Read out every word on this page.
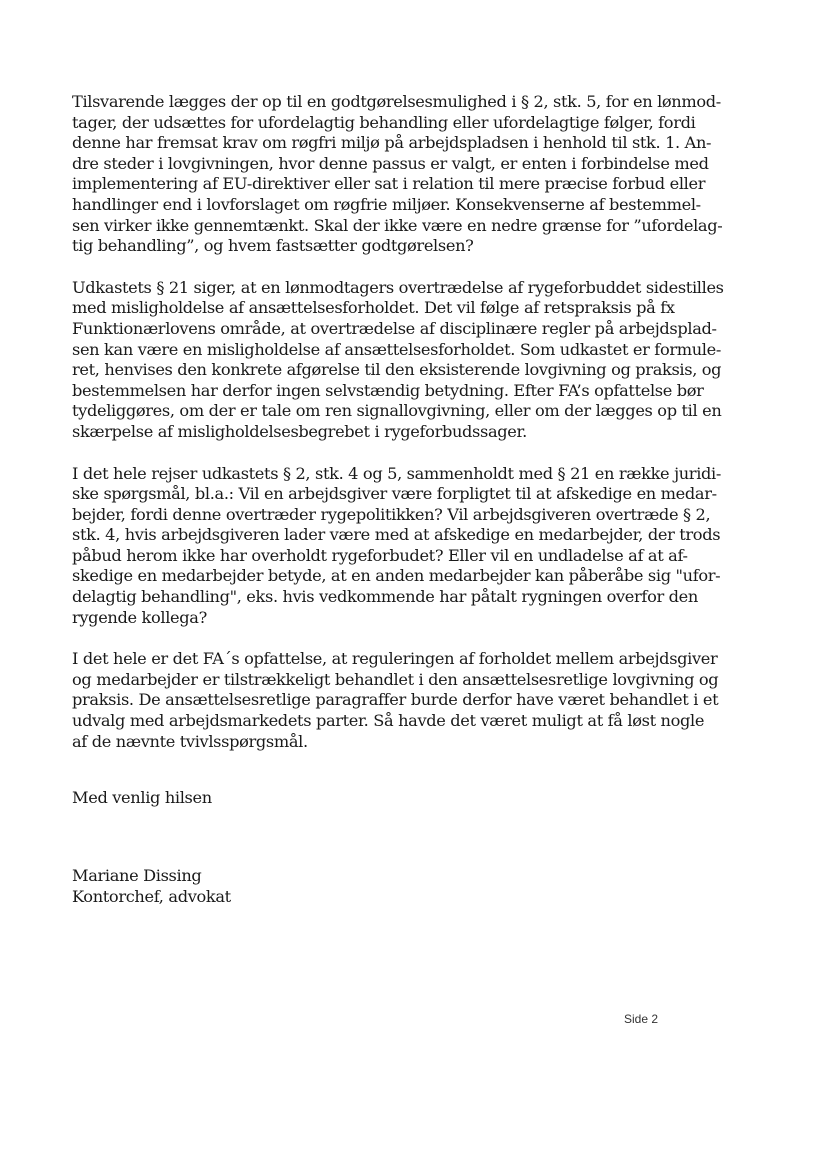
Tilsvarende lægges der op til en godtgørelsesmulighed i § 2, stk. 5, for en lønmod-
tager, der udsættes for ufordelagtig behandling eller ufordelagtige følger, fordi
denne har fremsat krav om røgfri miljø på arbejdspladsen i henhold til stk. 1. An-
dre steder i lovgivningen, hvor denne passus er valgt, er enten i forbindelse med
implementering af EU-direktiver eller sat i relation til mere præcise forbud eller
handlinger end i lovforslaget om røgfrie miljøer. Konsekvenserne af bestemmel-
sen virker ikke gennemtænkt. Skal der ikke være en nedre grænse for ”ufordelag-
tig behandling”, og hvem fastsætter godtgørelsen?
Udkastets § 21 siger, at en lønmodtagers overtrædelse af rygeforbuddet sidestilles
med misligholdelse af ansættelsesforholdet. Det vil følge af retspraksis på fx
Funktionærlovens område, at overtrædelse af disciplinære regler på arbejdsplad-
sen kan være en misligholdelse af ansættelsesforholdet. Som udkastet er formule-
ret, henvises den konkrete afgørelse til den eksisterende lovgivning og praksis, og
bestemmelsen har derfor ingen selvstændig betydning. Efter FA’s opfattelse bør
tydeliggøres, om der er tale om ren signallovgivning, eller om der lægges op til en
skærpelse af misligholdelsesbegrebet i rygeforbudssager.
I det hele rejser udkastets § 2, stk. 4 og 5, sammenholdt med § 21 en række juridi-
ske spørgsmål, bl.a.: Vil en arbejdsgiver være forpligtet til at afskedige en medar-
bejder, fordi denne overtræder rygepolitikken? Vil arbejdsgiveren overtræde § 2,
stk. 4, hvis arbejdsgiveren lader være med at afskedige en medarbejder, der trods
påbud herom ikke har overholdt rygeforbudet? Eller vil en undladelse af at af-
skedige en medarbejder betyde, at en anden medarbejder kan påberåbe sig "ufor-
delagtig behandling", eks. hvis vedkommende har påtalt rygningen overfor den
rygende kollega?
I det hele er det FA´s opfattelse, at reguleringen af forholdet mellem arbejdsgiver
og medarbejder er tilstrækkeligt behandlet i den ansættelsesretlige lovgivning og
praksis. De ansættelsesretlige paragraffer burde derfor have været behandlet i et
udvalg med arbejdsmarkedets parter. Så havde det været muligt at få løst nogle
af de nævnte tvivlsspørgsmål.
Med venlig hilsen
Mariane Dissing
Kontorchef, advokat
Side 2
